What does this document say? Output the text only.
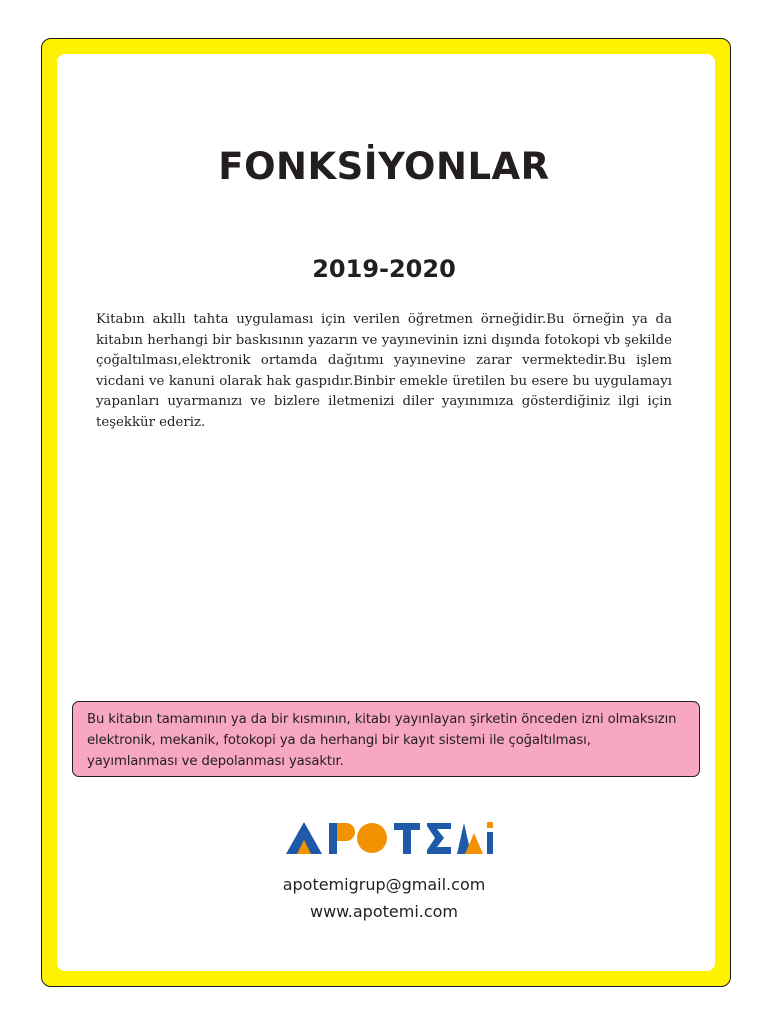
FONKSİYONLAR
2019-2020

Kitabın akıllı tahta uygulaması için verilen öğretmen örneğidir.Bu örneğin ya da kitabın herhangi bir baskısının yazarın ve yayınevinin izni dışında fotokopi vb şekilde çoğaltılması,elektronik ortamda dağıtımı yayınevine zarar vermektedir.Bu işlem vicdani ve kanuni olarak hak gaspıdır.Binbir emekle üretilen bu esere bu uygulamayı yapanları uyarmanızı ve bizlere iletmenizi diler yayınımıza gösterdiğiniz ilgi için teşekkür ederiz.

Bu kitabın tamamının ya da bir kısmının, kitabı yayınlayan şirketin önceden izni olmaksızın elektronik, mekanik, fotokopi ya da herhangi bir kayıt sistemi ile çoğaltılması, yayımlanması ve depolanması yasaktır.

apotemigrup@gmail.com
www.apotemi.com
